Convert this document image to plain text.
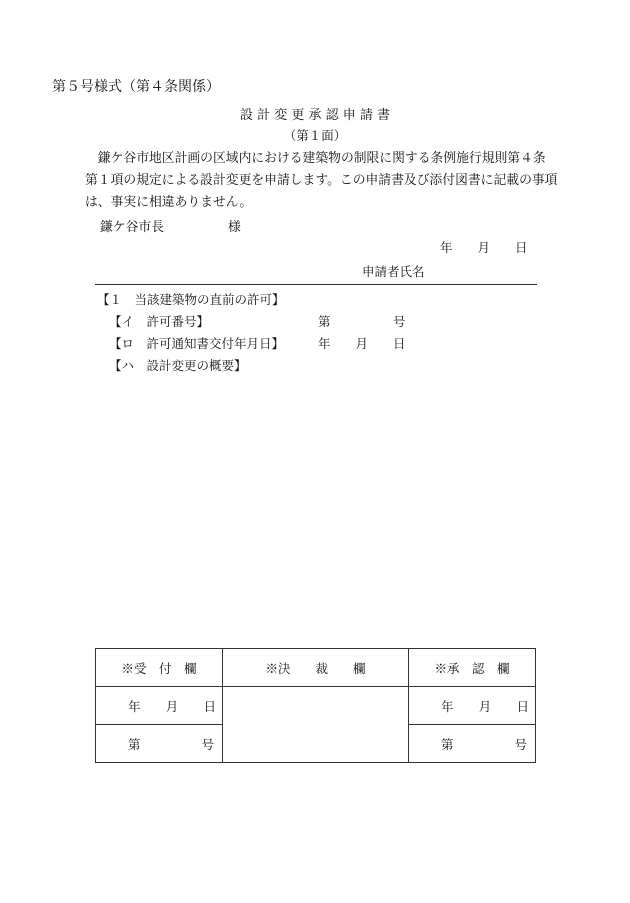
第５号様式（第４条関係）
設 計 変 更 承 認 申 請 書
（第１面）
　鎌ケ谷市地区計画の区域内における建築物の制限に関する条例施行規則第４条
第１項の規定による設計変更を申請します。この申請書及び添付図書に記載の事項
は、事実に相違ありません。
鎌ケ谷市長　　　　　様
年　　月　　日
申請者氏名
【１　当該建築物の直前の許可】
【イ　許可番号】	第　　　　　号
【ロ　許可通知書交付年月日】	年　　月　　日
【ハ　設計変更の概要】
※受　付　欄	※決　　裁　　欄	※承　認　欄

年 月 日		年 月 日

第 号		第 号
